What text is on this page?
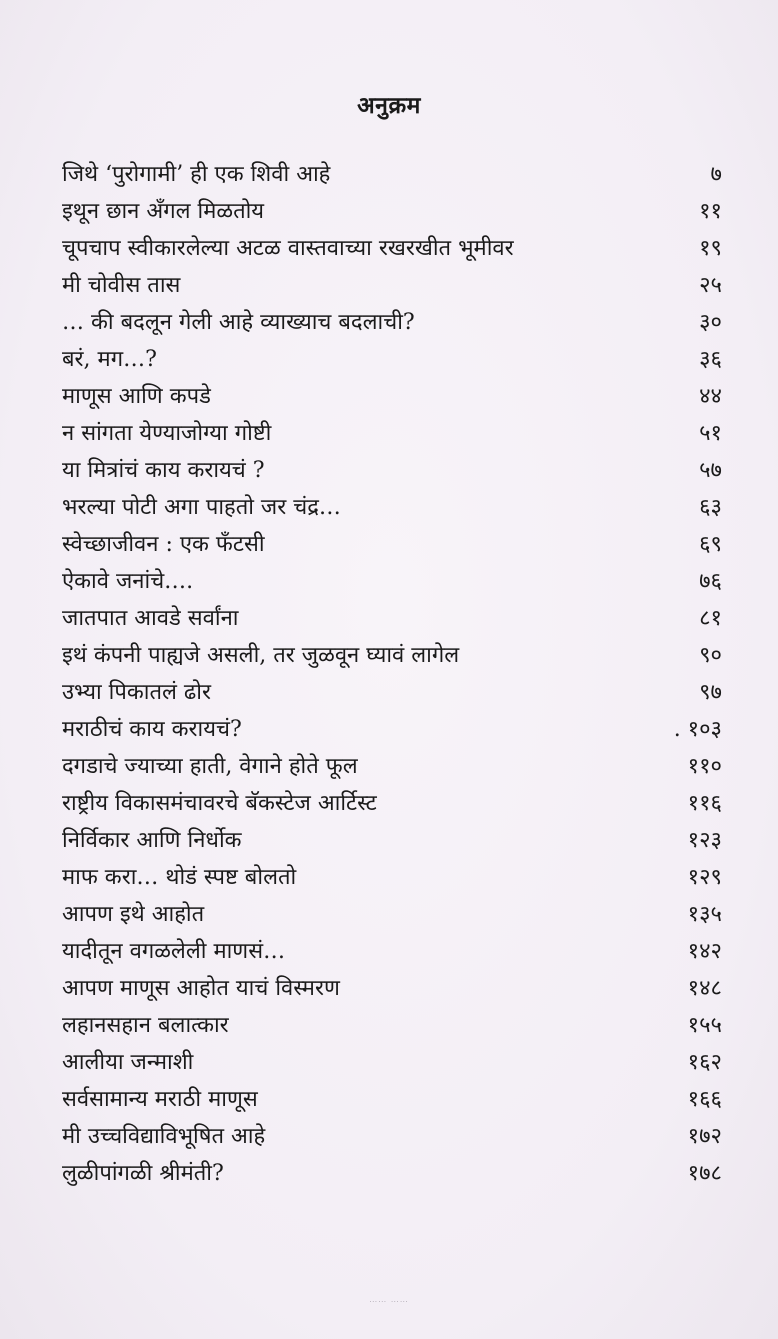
अनुक्रम
जिथे ‘पुरोगामी’ ही एक शिवी आहे	७
इथून छान अँगल मिळतोय	११
चूपचाप स्वीकारलेल्या अटळ वास्तवाच्या रखरखीत भूमीवर	१९
मी चोवीस तास	२५
… की बदलून गेली आहे व्याख्याच बदलाची?	३०
बरं, मग…?	३६
माणूस आणि कपडे	४४
न सांगता येण्याजोग्या गोष्टी	५१
या मित्रांचं काय करायचं ?	५७
भरल्या पोटी अगा पाहतो जर चंद्र…	६३
स्वेच्छाजीवन : एक फँटसी	६९
ऐकावे जनांचे….	७६
जातपात आवडे सर्वांना	८१
इथं कंपनी पाह्यजे असली, तर जुळवून घ्यावं लागेल	९०
उभ्या पिकातलं ढोर	९७
मराठीचं काय करायचं?	. १०३
दगडाचे ज्याच्या हाती, वेगाने होते फूल	११०
राष्ट्रीय विकासमंचावरचे बॅकस्टेज आर्टिस्ट	११६
निर्विकार आणि निर्धोक	१२३
माफ करा… थोडं स्पष्ट बोलतो	१२९
आपण इथे आहोत	१३५
यादीतून वगळलेली माणसं…	१४२
आपण माणूस आहोत याचं विस्मरण	१४८
लहानसहान बलात्कार	१५५
आलीया जन्माशी	१६२
सर्वसामान्य मराठी माणूस	१६६
मी उच्चविद्याविभूषित आहे	१७२
लुळीपांगळी श्रीमंती?	१७८
⋯⋯ ⋯⋯
